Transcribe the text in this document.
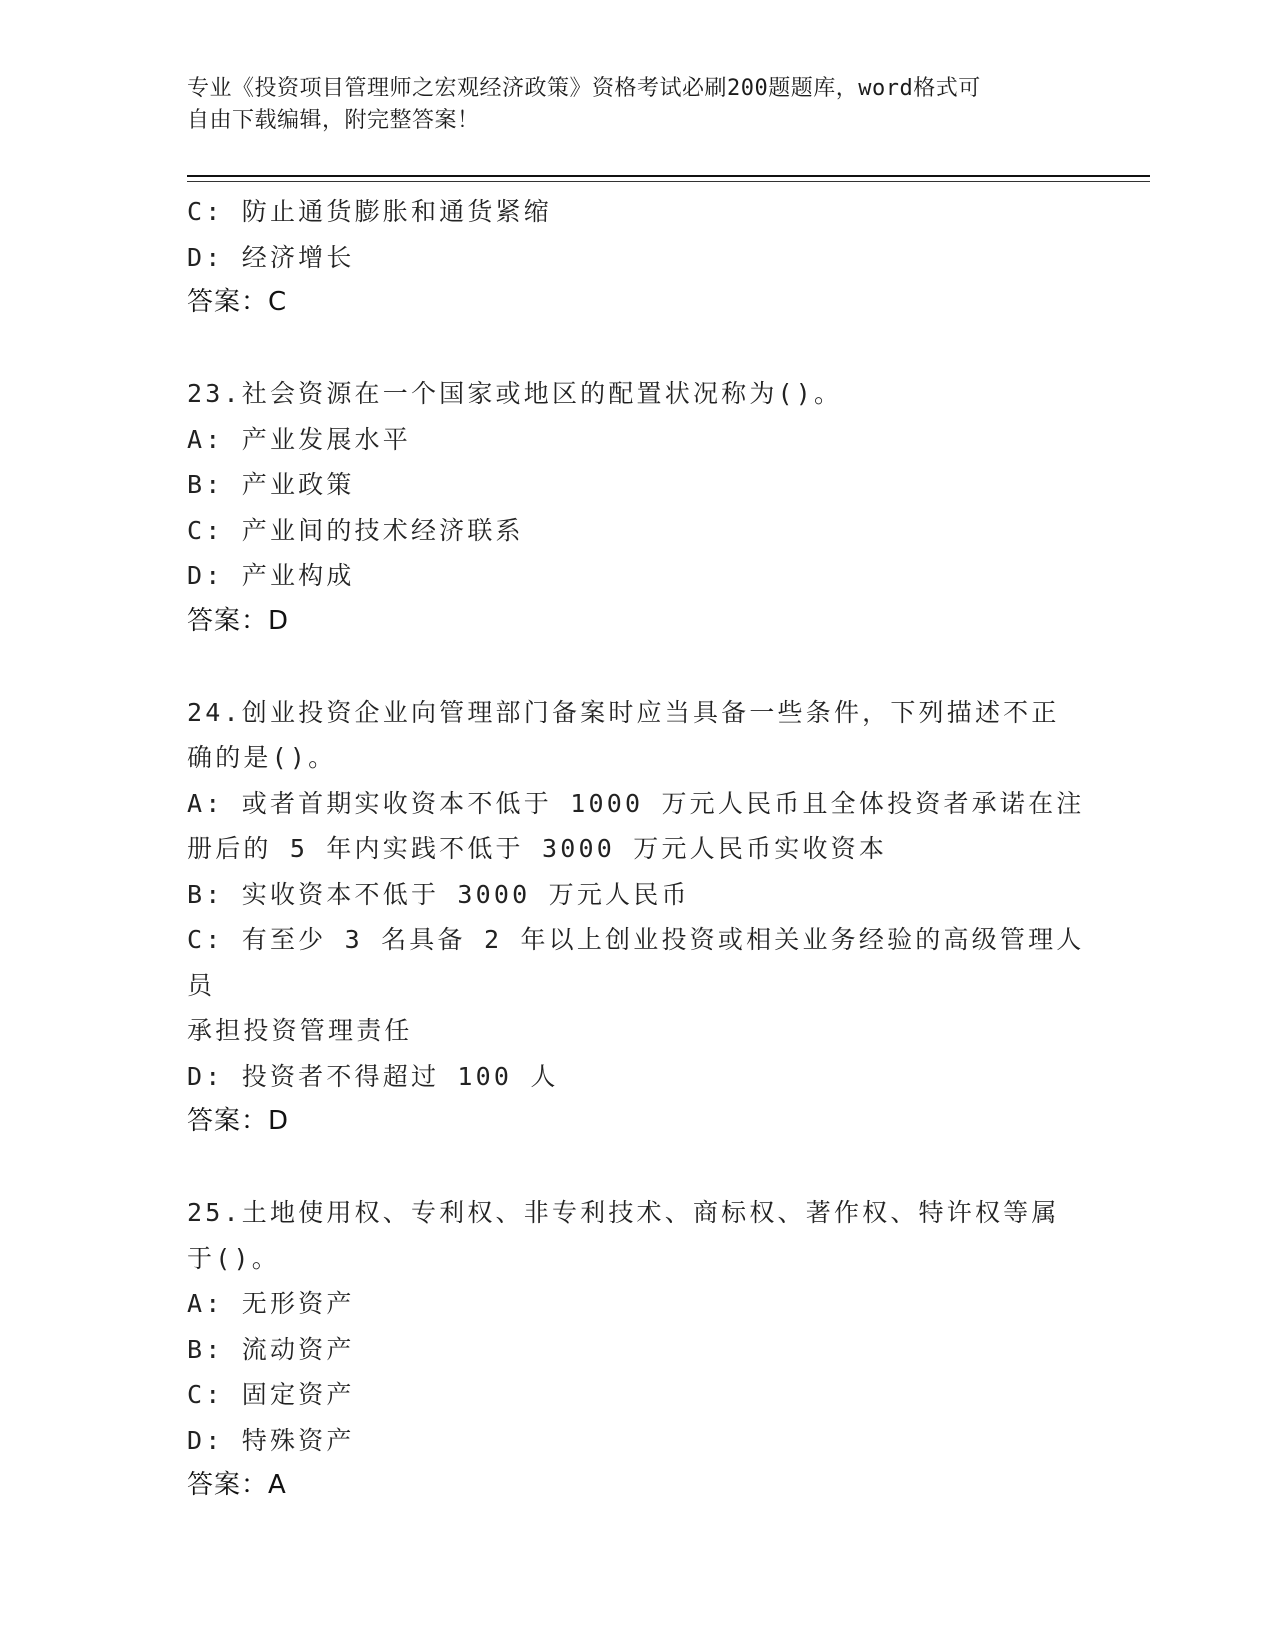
专业《投资项目管理师之宏观经济政策》资格考试必刷200题题库，word格式可
自由下载编辑，附完整答案！
C: 防止通货膨胀和通货紧缩
D: 经济增长
答案：C
23.社会资源在一个国家或地区的配置状况称为()。
A: 产业发展水平
B: 产业政策
C: 产业间的技术经济联系
D: 产业构成
答案：D
24.创业投资企业向管理部门备案时应当具备一些条件，下列描述不正
确的是()。
A: 或者首期实收资本不低于 1000 万元人民币且全体投资者承诺在注
册后的 5 年内实践不低于 3000 万元人民币实收资本
B: 实收资本不低于 3000 万元人民币
C: 有至少 3 名具备 2 年以上创业投资或相关业务经验的高级管理人员
承担投资管理责任
D: 投资者不得超过 100 人
答案：D
25.土地使用权、专利权、非专利技术、商标权、著作权、特许权等属
于()。
A: 无形资产
B: 流动资产
C: 固定资产
D: 特殊资产
答案：A
